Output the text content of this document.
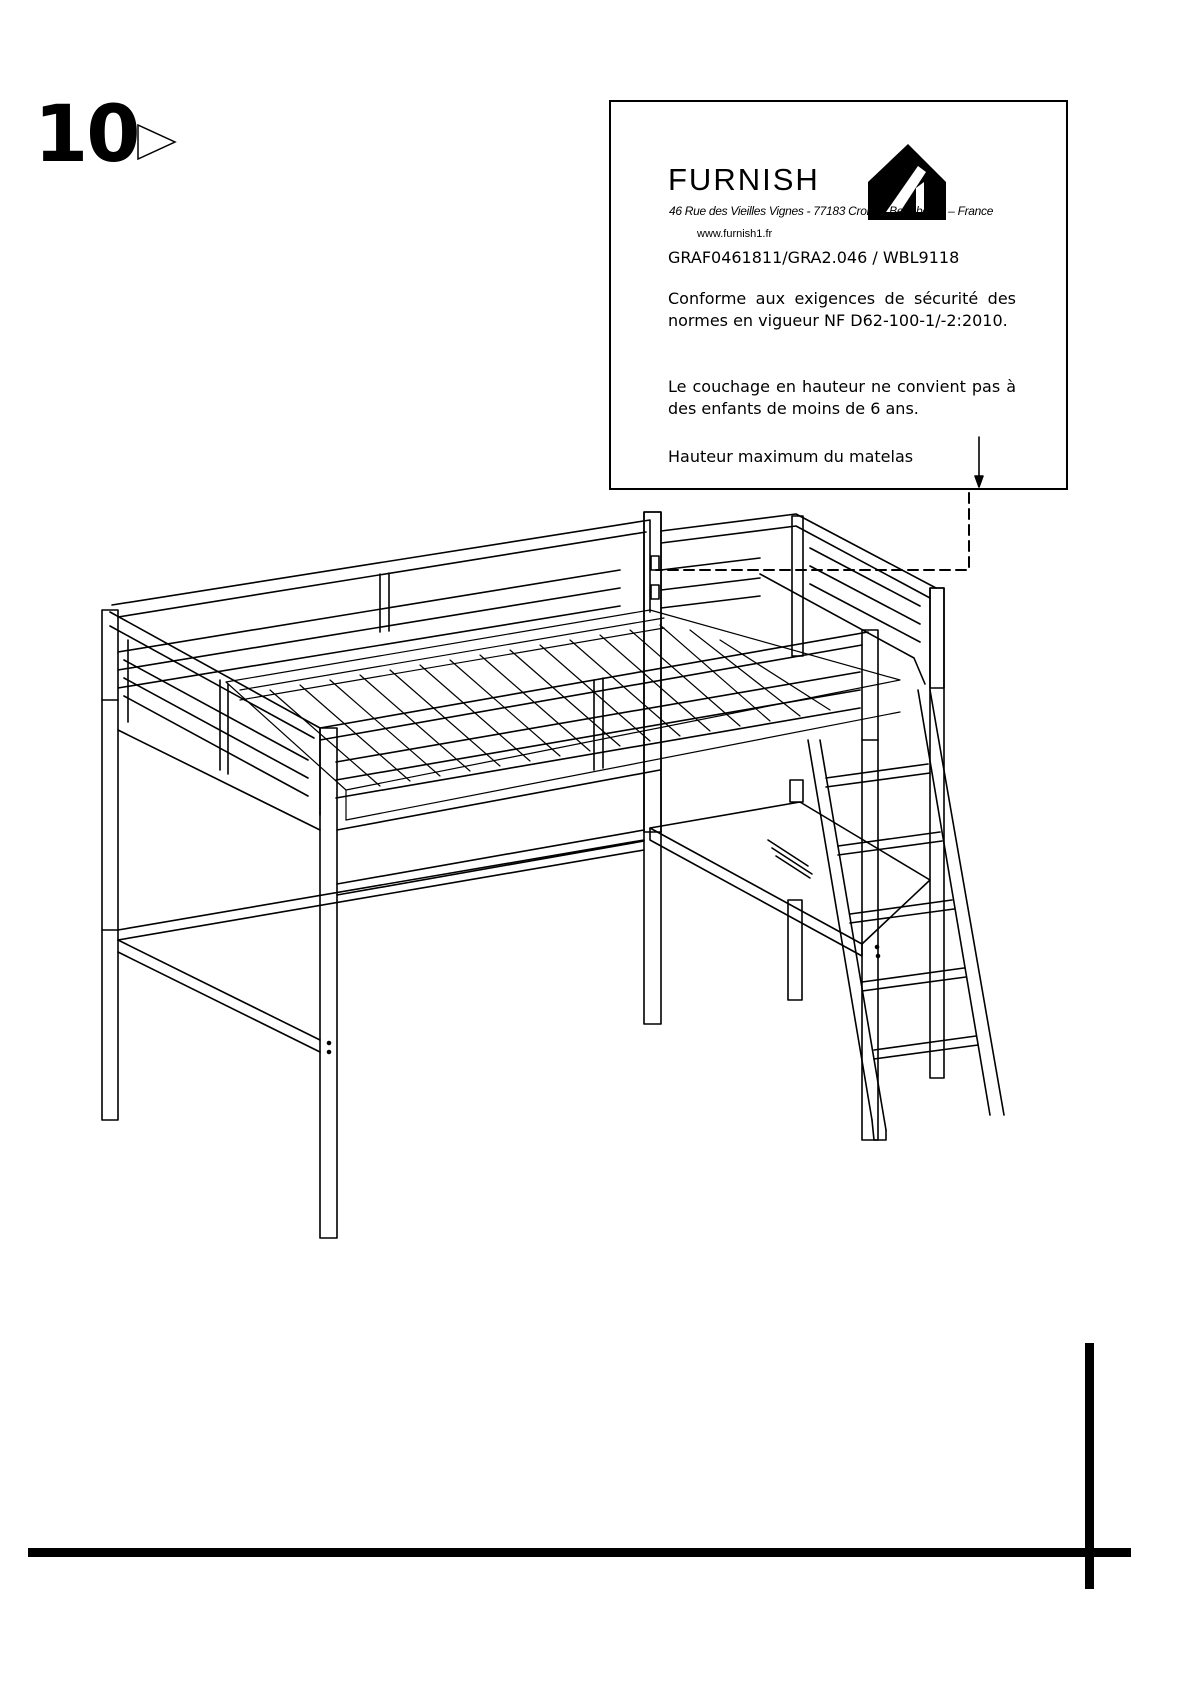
10	FURNISH
www.furnish1.fr
46 Rue des Vieilles Vignes - 77183 Croissy Beaubourg – France
GRAF0461811/GRA2.046 / WBL9118
Conforme aux exigences de sécurité des normes en vigueur NF D62-100-1/-2:2010.
Le couchage en hauteur ne convient pas à des enfants de moins de 6 ans.
Hauteur maximum du matelas
